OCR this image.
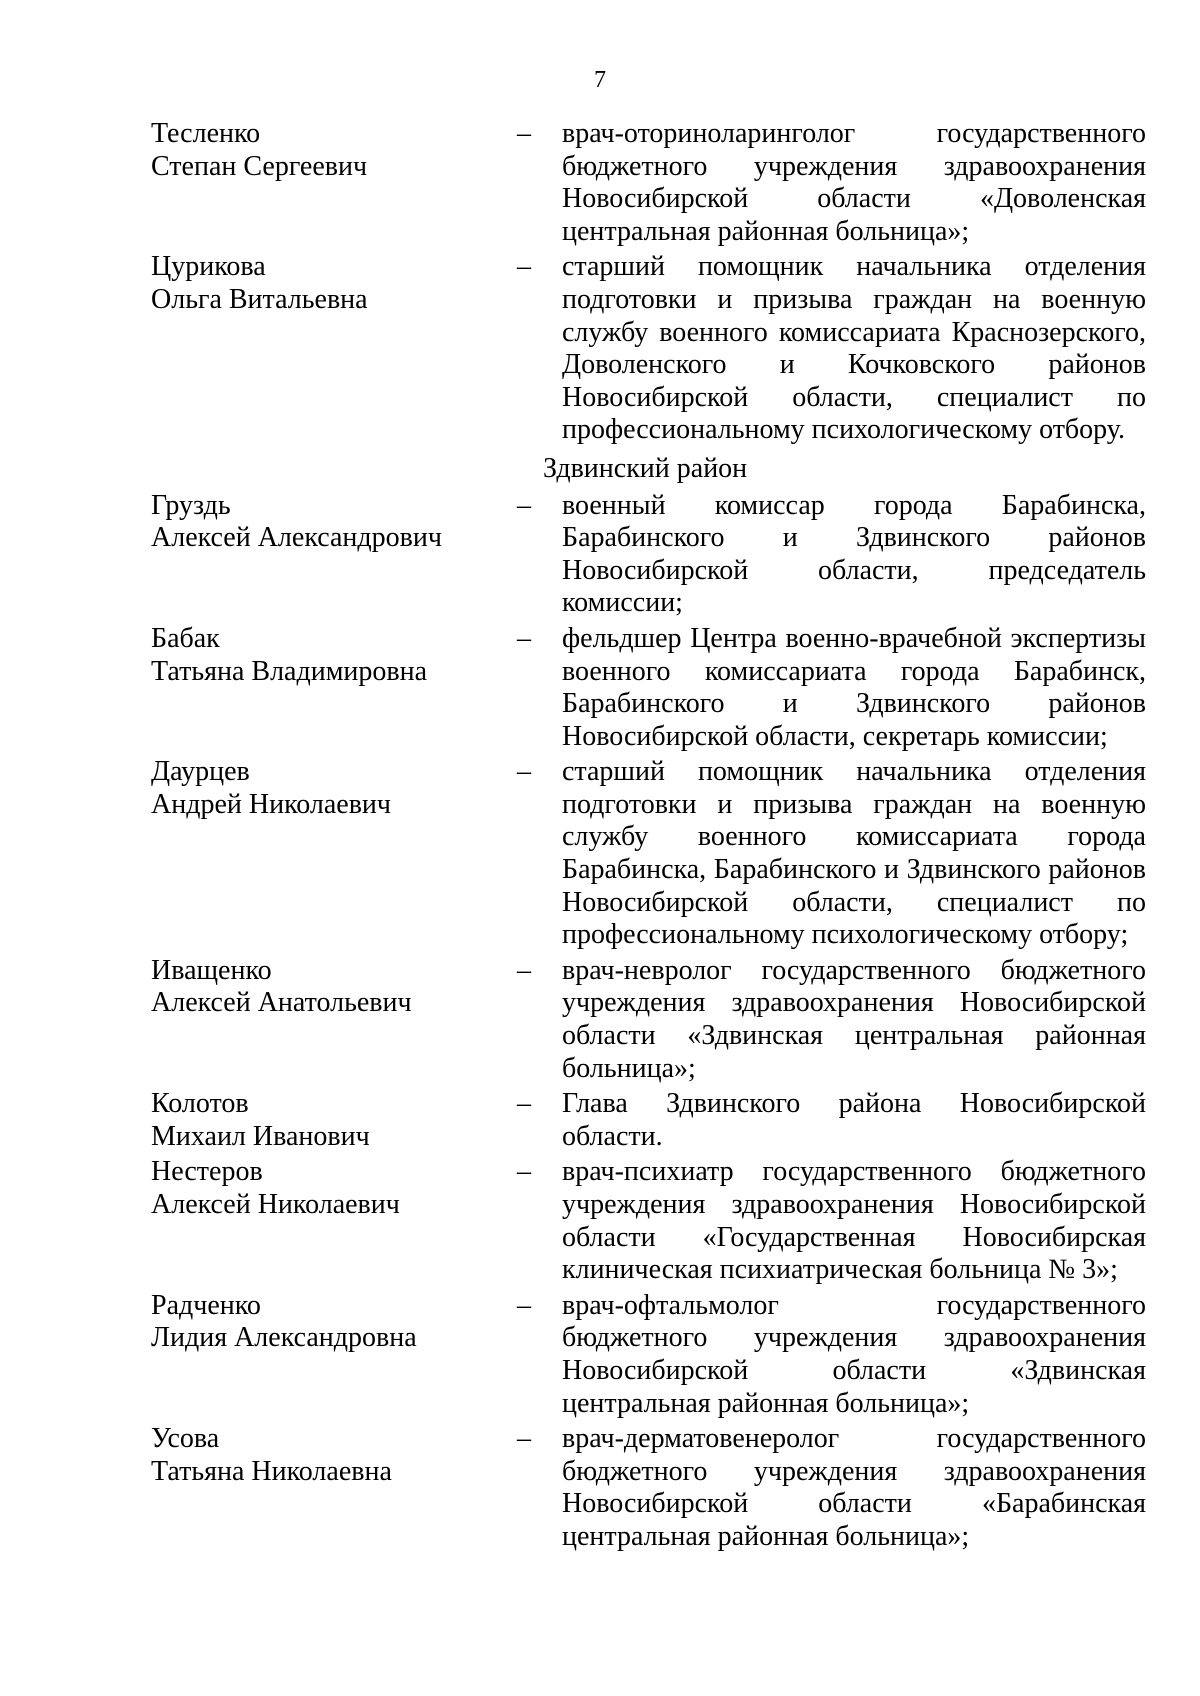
7
Тесленко
Степан Сергеевич
–	врач-оториноларинголог государственного бюджетного учреждения здравоохранения Новосибирской области «Доволенская центральная районная больница»;
Цурикова
Ольга Витальевна
–	старший помощник начальника отделения подготовки и призыва граждан на военную службу военного комиссариата Краснозерского, Доволенского и Кочковского районов Новосибирской области, специалист по профессиональному психологическому отбору.
Здвинский район
Груздь
Алексей Александрович
–	военный комиссар города Барабинска, Барабинского и Здвинского районов Новосибирской области, председатель комиссии;
Бабак
Татьяна Владимировна
–	фельдшер Центра военно-врачебной экспертизы военного комиссариата города Барабинск, Барабинского и Здвинского районов Новосибирской области, секретарь комиссии;
Даурцев
Андрей Николаевич
–	старший помощник начальника отделения подготовки и призыва граждан на военную службу военного комиссариата города Барабинска, Барабинского и Здвинского районов Новосибирской области, специалист по профессиональному психологическому отбору;
Иващенко
Алексей Анатольевич
–	врач-невролог государственного бюджетного учреждения здравоохранения Новосибирской области «Здвинская центральная районная больница»;
Колотов
Михаил Иванович
–	Глава Здвинского района Новосибирской области.
Нестеров
Алексей Николаевич
–	врач-психиатр государственного бюджетного учреждения здравоохранения Новосибирской области «Государственная Новосибирская клиническая психиатрическая больница № 3»;
Радченко
Лидия Александровна
–	врач-офтальмолог государственного бюджетного учреждения здравоохранения Новосибирской области «Здвинская центральная районная больница»;
Усова
Татьяна Николаевна
–	врач-дерматовенеролог государственного бюджетного учреждения здравоохранения Новосибирской области «Барабинская центральная районная больница»;
